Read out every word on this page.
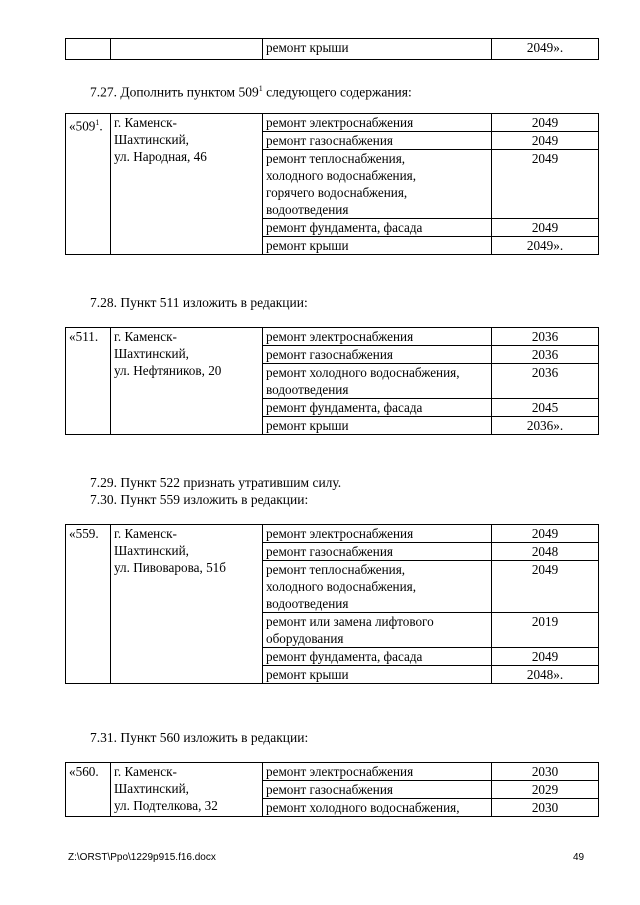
		ремонт крыши	2049».
7.27. Дополнить пунктом $509^1$ следующего содержания:
«$509^1$.	г. Каменск-
Шахтинский,
ул. Народная, 46	ремонт электроснабжения	2049
		ремонт газоснабжения	2049
		ремонт теплоснабжения,
холодного водоснабжения,
горячего водоснабжения,
водоотведения	2049
		ремонт фундамента, фасада	2049
		ремонт крыши	2049».
7.28. Пункт 511 изложить в редакции:
«511.	г. Каменск-
Шахтинский,
ул. Нефтяников, 20	ремонт электроснабжения	2036
		ремонт газоснабжения	2036
		ремонт холодного водоснабжения,
водоотведения	2036
		ремонт фундамента, фасада	2045
		ремонт крыши	2036».
7.29. Пункт 522 признать утратившим силу.
7.30. Пункт 559 изложить в редакции:
«559.	г. Каменск-
Шахтинский,
ул. Пивоварова, 51б	ремонт электроснабжения	2049
		ремонт газоснабжения	2048
		ремонт теплоснабжения,
холодного водоснабжения,
водоотведения	2049
		ремонт или замена лифтового
оборудования	2019
		ремонт фундамента, фасада	2049
		ремонт крыши	2048».
7.31. Пункт 560 изложить в редакции:
«560.	г. Каменск-
Шахтинский,
ул. Подтелкова, 32	ремонт электроснабжения	2030
		ремонт газоснабжения	2029
		ремонт холодного водоснабжения,	2030
Z:\ORST\Ppo\1229p915.f16.docx	49
